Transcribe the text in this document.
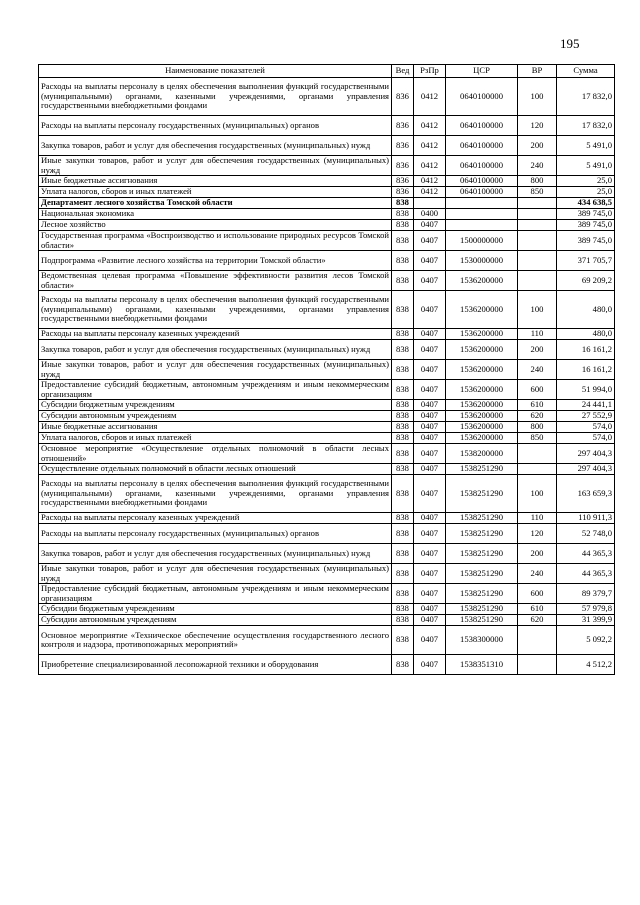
195
Наименование показателей	Вед	РзПр	ЦСР	ВР	Сумма
Расходы на выплаты персоналу в целях обеспечения выполнения функций государственными (муниципальными) органами, казенными учреждениями, органами управления государственными внебюджетными фондами	836	0412	0640100000	100	17 832,0
Расходы на выплаты персоналу государственных (муниципальных) органов	836	0412	0640100000	120	17 832,0
Закупка товаров, работ и услуг для обеспечения государственных (муниципальных) нужд	836	0412	0640100000	200	5 491,0
Иные закупки товаров, работ и услуг для обеспечения государственных (муниципальных) нужд	836	0412	0640100000	240	5 491,0
Иные бюджетные ассигнования	836	0412	0640100000	800	25,0
Уплата налогов, сборов и иных платежей	836	0412	0640100000	850	25,0
Департамент лесного хозяйства Томской области	838				434 638,5
Национальная экономика	838	0400			389 745,0
Лесное хозяйство	838	0407			389 745,0
Государственная программа «Воспроизводство и использование природных ресурсов Томской области»	838	0407	1500000000		389 745,0
Подпрограмма «Развитие лесного хозяйства на территории Томской области»	838	0407	1530000000		371 705,7
Ведомственная целевая программа «Повышение эффективности развития лесов Томской области»	838	0407	1536200000		69 209,2
Расходы на выплаты персоналу в целях обеспечения выполнения функций государственными (муниципальными) органами, казенными учреждениями, органами управления государственными внебюджетными фондами	838	0407	1536200000	100	480,0
Расходы на выплаты персоналу казенных учреждений	838	0407	1536200000	110	480,0
Закупка товаров, работ и услуг для обеспечения государственных (муниципальных) нужд	838	0407	1536200000	200	16 161,2
Иные закупки товаров, работ и услуг для обеспечения государственных (муниципальных) нужд	838	0407	1536200000	240	16 161,2
Предоставление субсидий бюджетным, автономным учреждениям и иным некоммерческим организациям	838	0407	1536200000	600	51 994,0
Субсидии бюджетным учреждениям	838	0407	1536200000	610	24 441,1
Субсидии автономным учреждениям	838	0407	1536200000	620	27 552,9
Иные бюджетные ассигнования	838	0407	1536200000	800	574,0
Уплата налогов, сборов и иных платежей	838	0407	1536200000	850	574,0
Основное мероприятие «Осуществление отдельных полномочий в области лесных отношений»	838	0407	1538200000		297 404,3
Осуществление отдельных полномочий в области лесных отношений	838	0407	1538251290		297 404,3
Расходы на выплаты персоналу в целях обеспечения выполнения функций государственными (муниципальными) органами, казенными учреждениями, органами управления государственными внебюджетными фондами	838	0407	1538251290	100	163 659,3
Расходы на выплаты персоналу казенных учреждений	838	0407	1538251290	110	110 911,3
Расходы на выплаты персоналу государственных (муниципальных) органов	838	0407	1538251290	120	52 748,0
Закупка товаров, работ и услуг для обеспечения государственных (муниципальных) нужд	838	0407	1538251290	200	44 365,3
Иные закупки товаров, работ и услуг для обеспечения государственных (муниципальных) нужд	838	0407	1538251290	240	44 365,3
Предоставление субсидий бюджетным, автономным учреждениям и иным некоммерческим организациям	838	0407	1538251290	600	89 379,7
Субсидии бюджетным учреждениям	838	0407	1538251290	610	57 979,8
Субсидии автономным учреждениям	838	0407	1538251290	620	31 399,9
Основное мероприятие «Техническое обеспечение осуществления государственного лесного контроля и надзора, противопожарных мероприятий»	838	0407	1538300000		5 092,2
Приобретение специализированной лесопожарной техники и оборудования	838	0407	1538351310		4 512,2
